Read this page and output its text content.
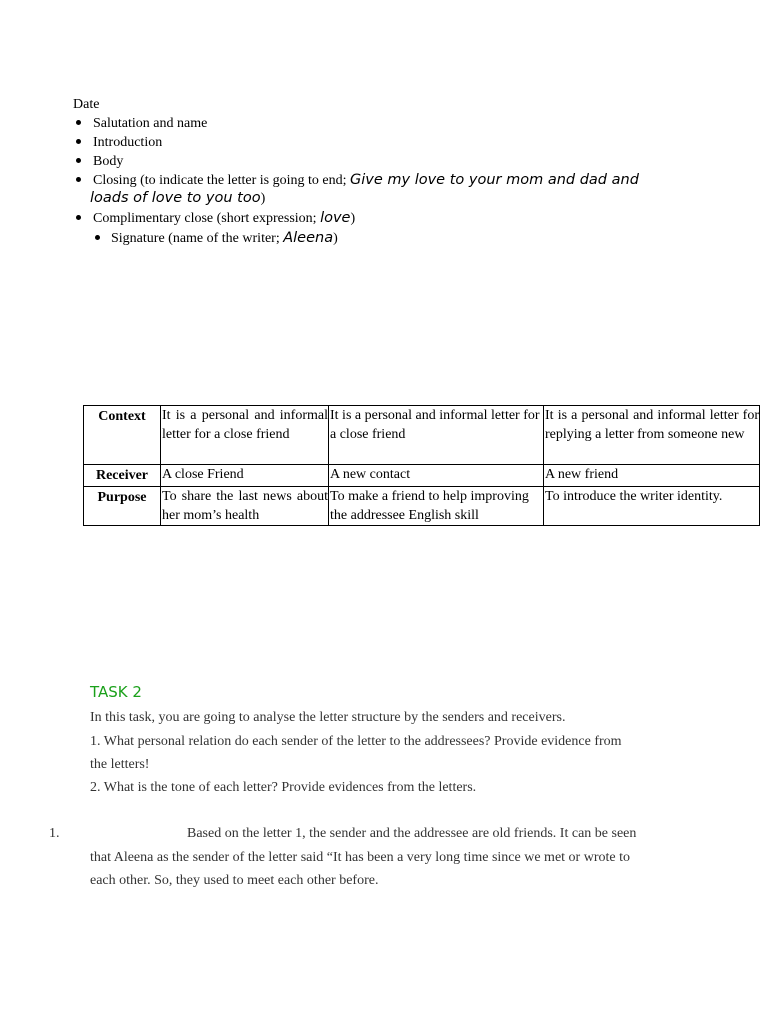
Date
Salutation and name
Introduction
Body
Closing (to indicate the letter is going to end; Give my love to your mom and dad and
loads of love to you too)
Complimentary close (short expression; love)
Signature (name of the writer; Aleena)
Context	It is a personal and informal letter for a close friend	It is a personal and informal letter for a close friend	It is a personal and informal letter for replying a letter from someone new
Receiver	A close Friend	A new contact	A new friend
Purpose	To share the last news about her mom’s health	To make a friend to help improving the addressee English skill	To introduce the writer identity.
TASK 2
In this task, you are going to analyse the letter structure by the senders and receivers.
1. What personal relation do each sender of the letter to the addressees? Provide evidence from
the letters!
2. What is the tone of each letter? Provide evidences from the letters.
1.	Based on the letter 1, the sender and the addressee are old friends. It can be seen
that Aleena as the sender of the letter said “It has been a very long time since we met or wrote to
each other. So, they used to meet each other before.
